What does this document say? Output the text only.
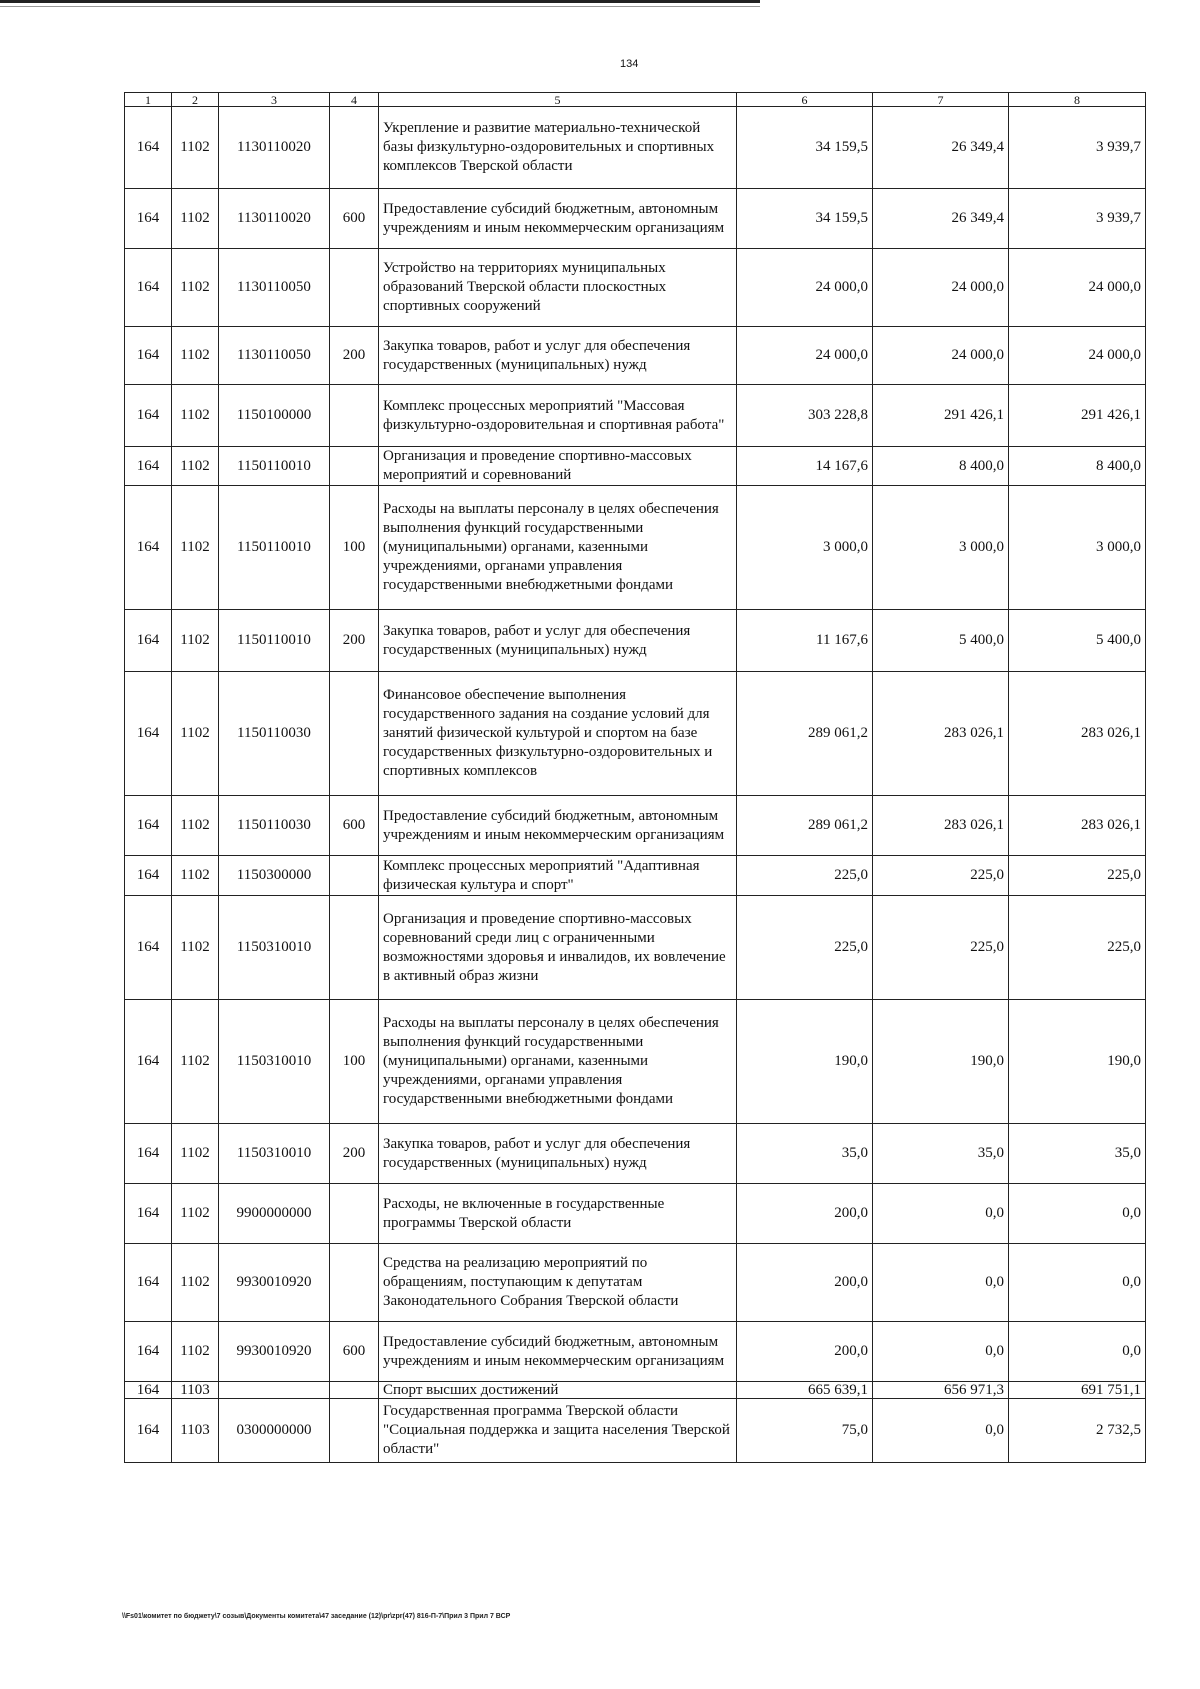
134
1	2	3	4	5	6	7	8
164	1102	1130110020		Укрепление и развитие материально-технической базы физкультурно-оздоровительных и спортивных комплексов Тверской области	34 159,5	26 349,4	3 939,7
164	1102	1130110020	600	Предоставление субсидий бюджетным, автономным учреждениям и иным некоммерческим организациям	34 159,5	26 349,4	3 939,7
164	1102	1130110050		Устройство на территориях муниципальных образований Тверской области плоскостных спортивных сооружений	24 000,0	24 000,0	24 000,0
164	1102	1130110050	200	Закупка товаров, работ и услуг для обеспечения государственных (муниципальных) нужд	24 000,0	24 000,0	24 000,0
164	1102	1150100000		Комплекс процессных мероприятий "Массовая физкультурно-оздоровительная и спортивная работа"	303 228,8	291 426,1	291 426,1
164	1102	1150110010		Организация и проведение спортивно-массовых мероприятий и соревнований	14 167,6	8 400,0	8 400,0
164	1102	1150110010	100	Расходы на выплаты персоналу в целях обеспечения выполнения функций государственными (муниципальными) органами, казенными учреждениями, органами управления государственными внебюджетными фондами	3 000,0	3 000,0	3 000,0
164	1102	1150110010	200	Закупка товаров, работ и услуг для обеспечения государственных (муниципальных) нужд	11 167,6	5 400,0	5 400,0
164	1102	1150110030		Финансовое обеспечение выполнения государственного задания на создание условий для занятий физической культурой и спортом на базе государственных физкультурно-оздоровительных и спортивных комплексов	289 061,2	283 026,1	283 026,1
164	1102	1150110030	600	Предоставление субсидий бюджетным, автономным учреждениям и иным некоммерческим организациям	289 061,2	283 026,1	283 026,1
164	1102	1150300000		Комплекс процессных мероприятий "Адаптивная физическая культура и спорт"	225,0	225,0	225,0
164	1102	1150310010		Организация и проведение спортивно-массовых соревнований среди лиц с ограниченными возможностями здоровья и инвалидов, их вовлечение в активный образ жизни	225,0	225,0	225,0
164	1102	1150310010	100	Расходы на выплаты персоналу в целях обеспечения выполнения функций государственными (муниципальными) органами, казенными учреждениями, органами управления государственными внебюджетными фондами	190,0	190,0	190,0
164	1102	1150310010	200	Закупка товаров, работ и услуг для обеспечения государственных (муниципальных) нужд	35,0	35,0	35,0
164	1102	9900000000		Расходы, не включенные в государственные программы Тверской области	200,0	0,0	0,0
164	1102	9930010920		Средства на реализацию мероприятий по обращениям, поступающим к депутатам Законодательного Собрания Тверской области	200,0	0,0	0,0
164	1102	9930010920	600	Предоставление субсидий бюджетным, автономным учреждениям и иным некоммерческим организациям	200,0	0,0	0,0
164	1103			Спорт высших достижений	665 639,1	656 971,3	691 751,1
164	1103	0300000000		Государственная программа Тверской области "Социальная поддержка и защита населения Тверской области"	75,0	0,0	2 732,5
\\Fs01\комитет по бюджету\7 созыв\Документы комитета\47 заседание (12)\pr\zpr(47) 816-П-7\Прил 3 Прил 7 ВСР
